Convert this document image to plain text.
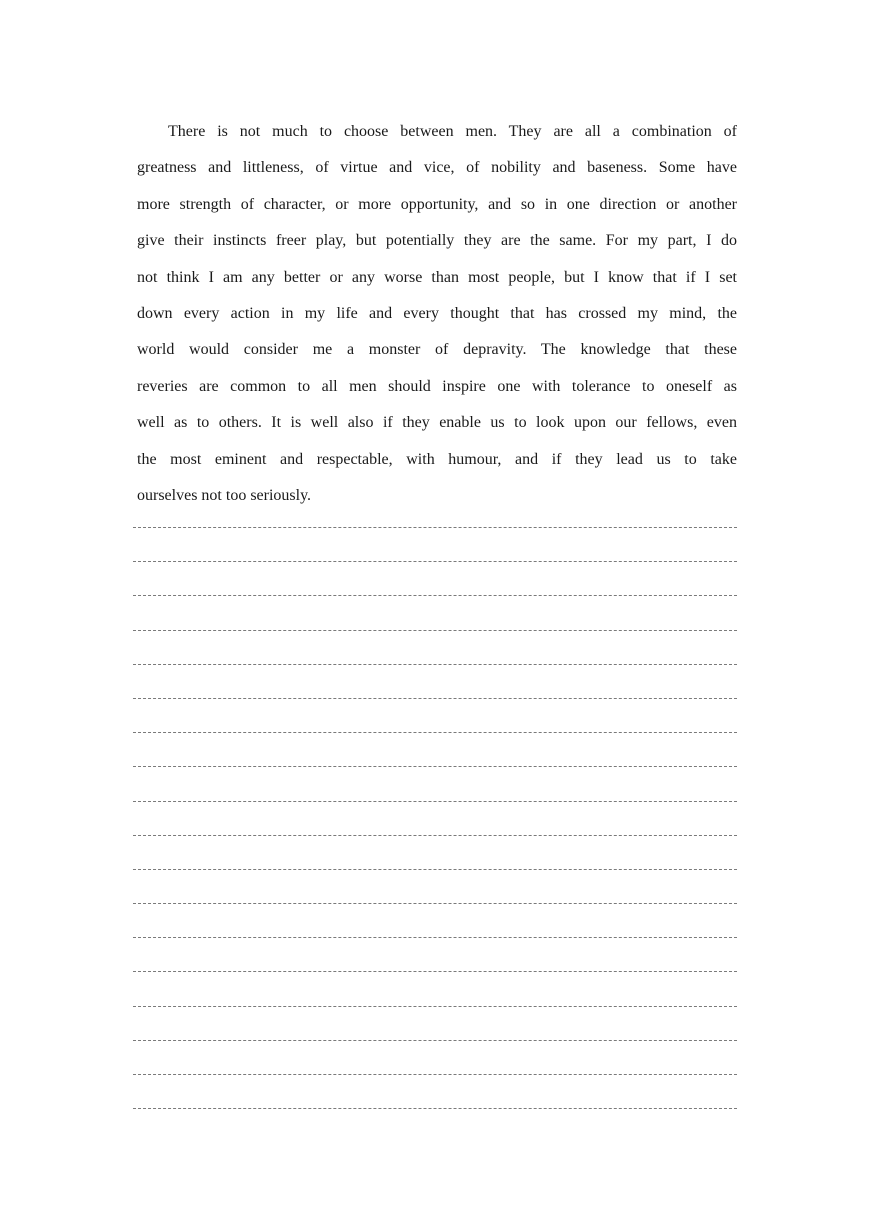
There is not much to choose between men. They are all a combination of
greatness and littleness, of virtue and vice, of nobility and baseness. Some have
more strength of character, or more opportunity, and so in one direction or another
give their instincts freer play, but potentially they are the same. For my part, I do
not think I am any better or any worse than most people, but I know that if I set
down every action in my life and every thought that has crossed my mind, the
world would consider me a monster of depravity. The knowledge that these
reveries are common to all men should inspire one with tolerance to oneself as
well as to others. It is well also if they enable us to look upon our fellows, even
the most eminent and respectable, with humour, and if they lead us to take
ourselves not too seriously.
